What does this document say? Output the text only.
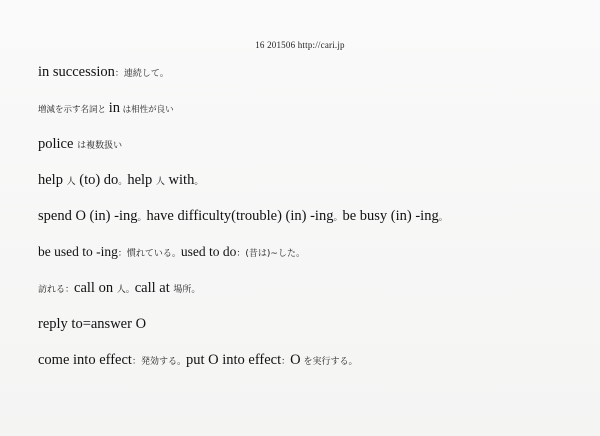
16 201506 http://cari.jp
in succession：連続して。
増減を示す名詞と in は相性が良い
police は複数扱い
help 人 (to) do。help 人 with。
spend O (in) -ing。have difficulty(trouble) (in) -ing。be busy (in) -ing。
be used to -ing：慣れている。used to do：(昔は)~した。
訪れる：call on 人。call at 場所。
reply to=answer O
come into effect：発効する。put O into effect：O を実行する。
